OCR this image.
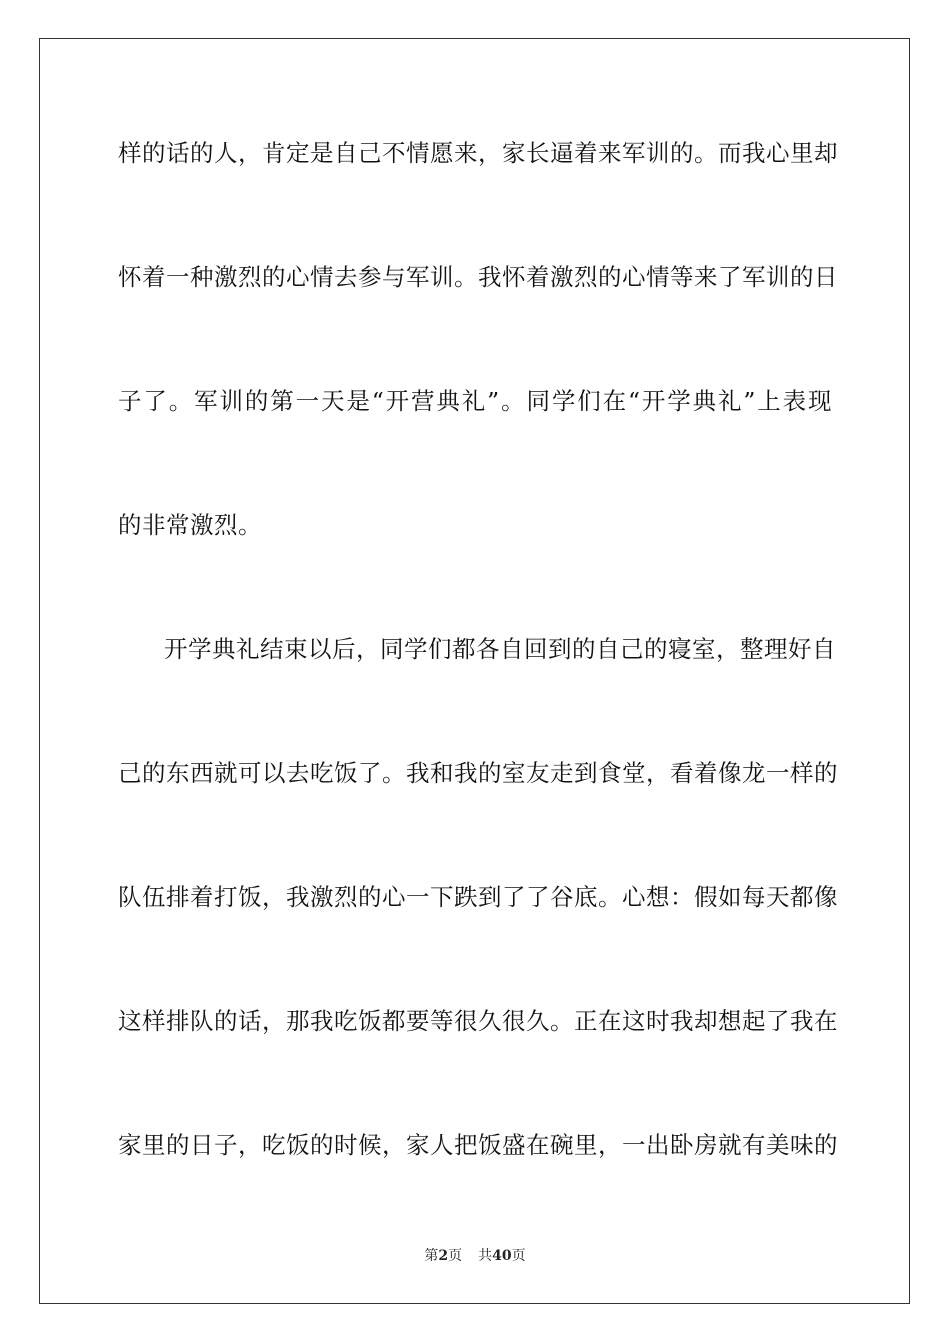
样的话的人，肯定是自己不情愿来，家长逼着来军训的。而我心里却
怀着一种激烈的心情去参与军训。我怀着激烈的心情等来了军训的日
子了。军训的第一天是“开营典礼”。同学们在“开学典礼”上表现
的非常激烈。
开学典礼结束以后，同学们都各自回到的自己的寝室，整理好自
己的东西就可以去吃饭了。我和我的室友走到食堂，看着像龙一样的
队伍排着打饭，我激烈的心一下跌到了了谷底。心想：假如每天都像
这样排队的话，那我吃饭都要等很久很久。正在这时我却想起了我在
家里的日子，吃饭的时候，家人把饭盛在碗里，一出卧房就有美味的
第2页 共40页
